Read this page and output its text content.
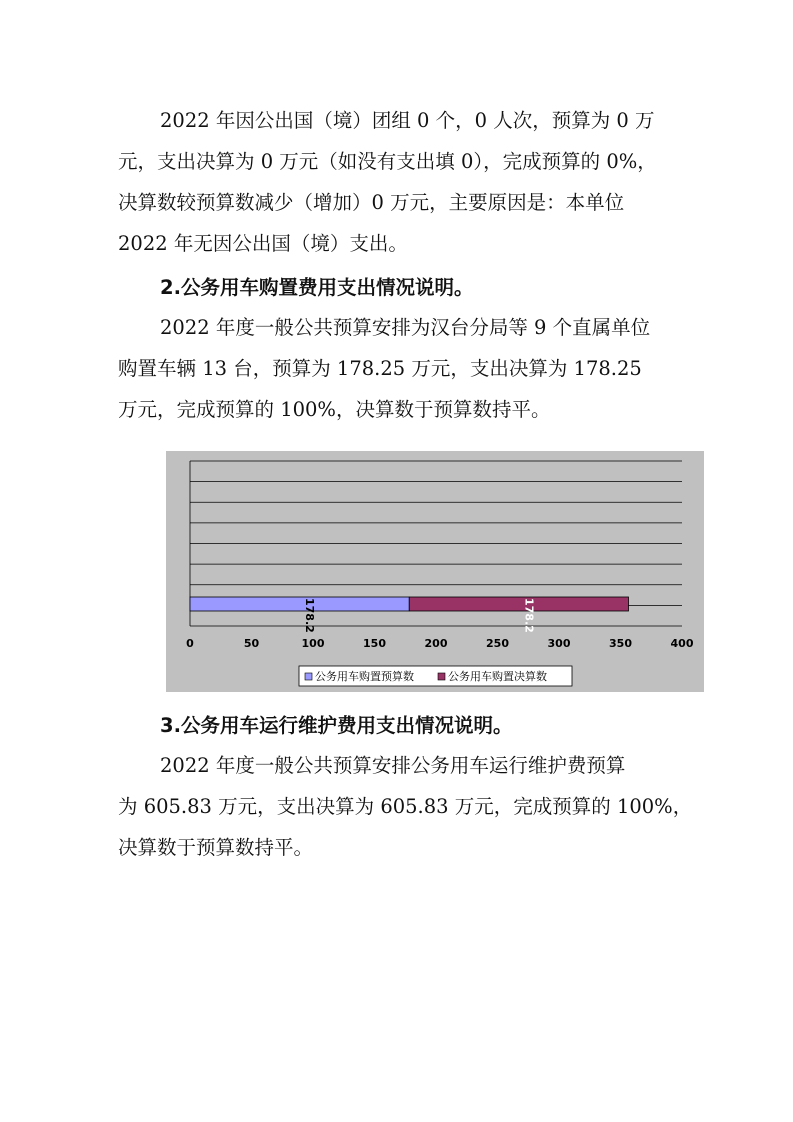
2022 年因公出国（境）团组 0 个，0 人次，预算为 0 万
元，支出决算为 0 万元（如没有支出填 0），完成预算的 0%，
决算数较预算数减少（增加）0 万元，主要原因是：本单位
2022 年无因公出国（境）支出。

2.公务用车购置费用支出情况说明。

2022 年度一般公共预算安排为汉台分局等 9 个直属单位
购置车辆 13 台，预算为 178.25 万元，支出决算为 178.25
万元，完成预算的 100%，决算数于预算数持平。

178.2	178.2
0	50	100	150	200	250	300	350	400
公务用车购置预算数	公务用车购置决算数
3.公务用车运行维护费用支出情况说明。

2022 年度一般公共预算安排公务用车运行维护费预算
为 605.83 万元，支出决算为 605.83 万元，完成预算的 100%，
决算数于预算数持平。
